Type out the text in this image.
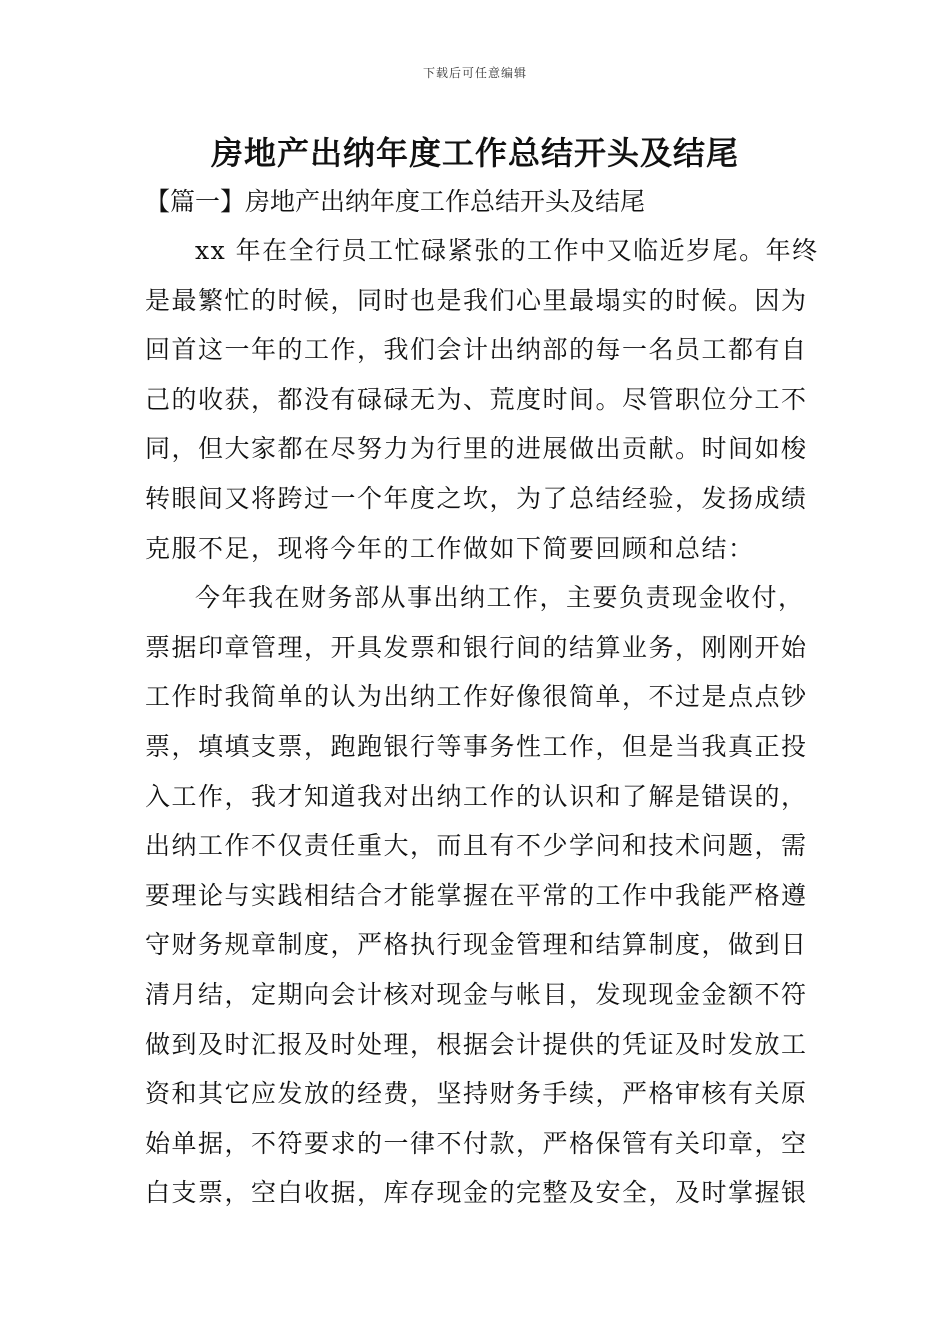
下载后可任意编辑
房地产出纳年度工作总结开头及结尾
【篇一】房地产出纳年度工作总结开头及结尾
xx 年在全行员工忙碌紧张的工作中又临近岁尾。年终
是最繁忙的时候，同时也是我们心里最塌实的时候。因为
回首这一年的工作，我们会计出纳部的每一名员工都有自
己的收获，都没有碌碌无为、荒度时间。尽管职位分工不
同，但大家都在尽努力为行里的进展做出贡献。时间如梭
转眼间又将跨过一个年度之坎，为了总结经验，发扬成绩
克服不足，现将今年的工作做如下简要回顾和总结：
今年我在财务部从事出纳工作，主要负责现金收付，
票据印章管理，开具发票和银行间的结算业务，刚刚开始
工作时我简单的认为出纳工作好像很简单，不过是点点钞
票，填填支票，跑跑银行等事务性工作，但是当我真正投
入工作，我才知道我对出纳工作的认识和了解是错误的，
出纳工作不仅责任重大，而且有不少学问和技术问题，需
要理论与实践相结合才能掌握在平常的工作中我能严格遵
守财务规章制度，严格执行现金管理和结算制度，做到日
清月结，定期向会计核对现金与帐目，发现现金金额不符
做到及时汇报及时处理，根据会计提供的凭证及时发放工
资和其它应发放的经费，坚持财务手续，严格审核有关原
始单据，不符要求的一律不付款，严格保管有关印章，空
白支票，空白收据，库存现金的完整及安全，及时掌握银
